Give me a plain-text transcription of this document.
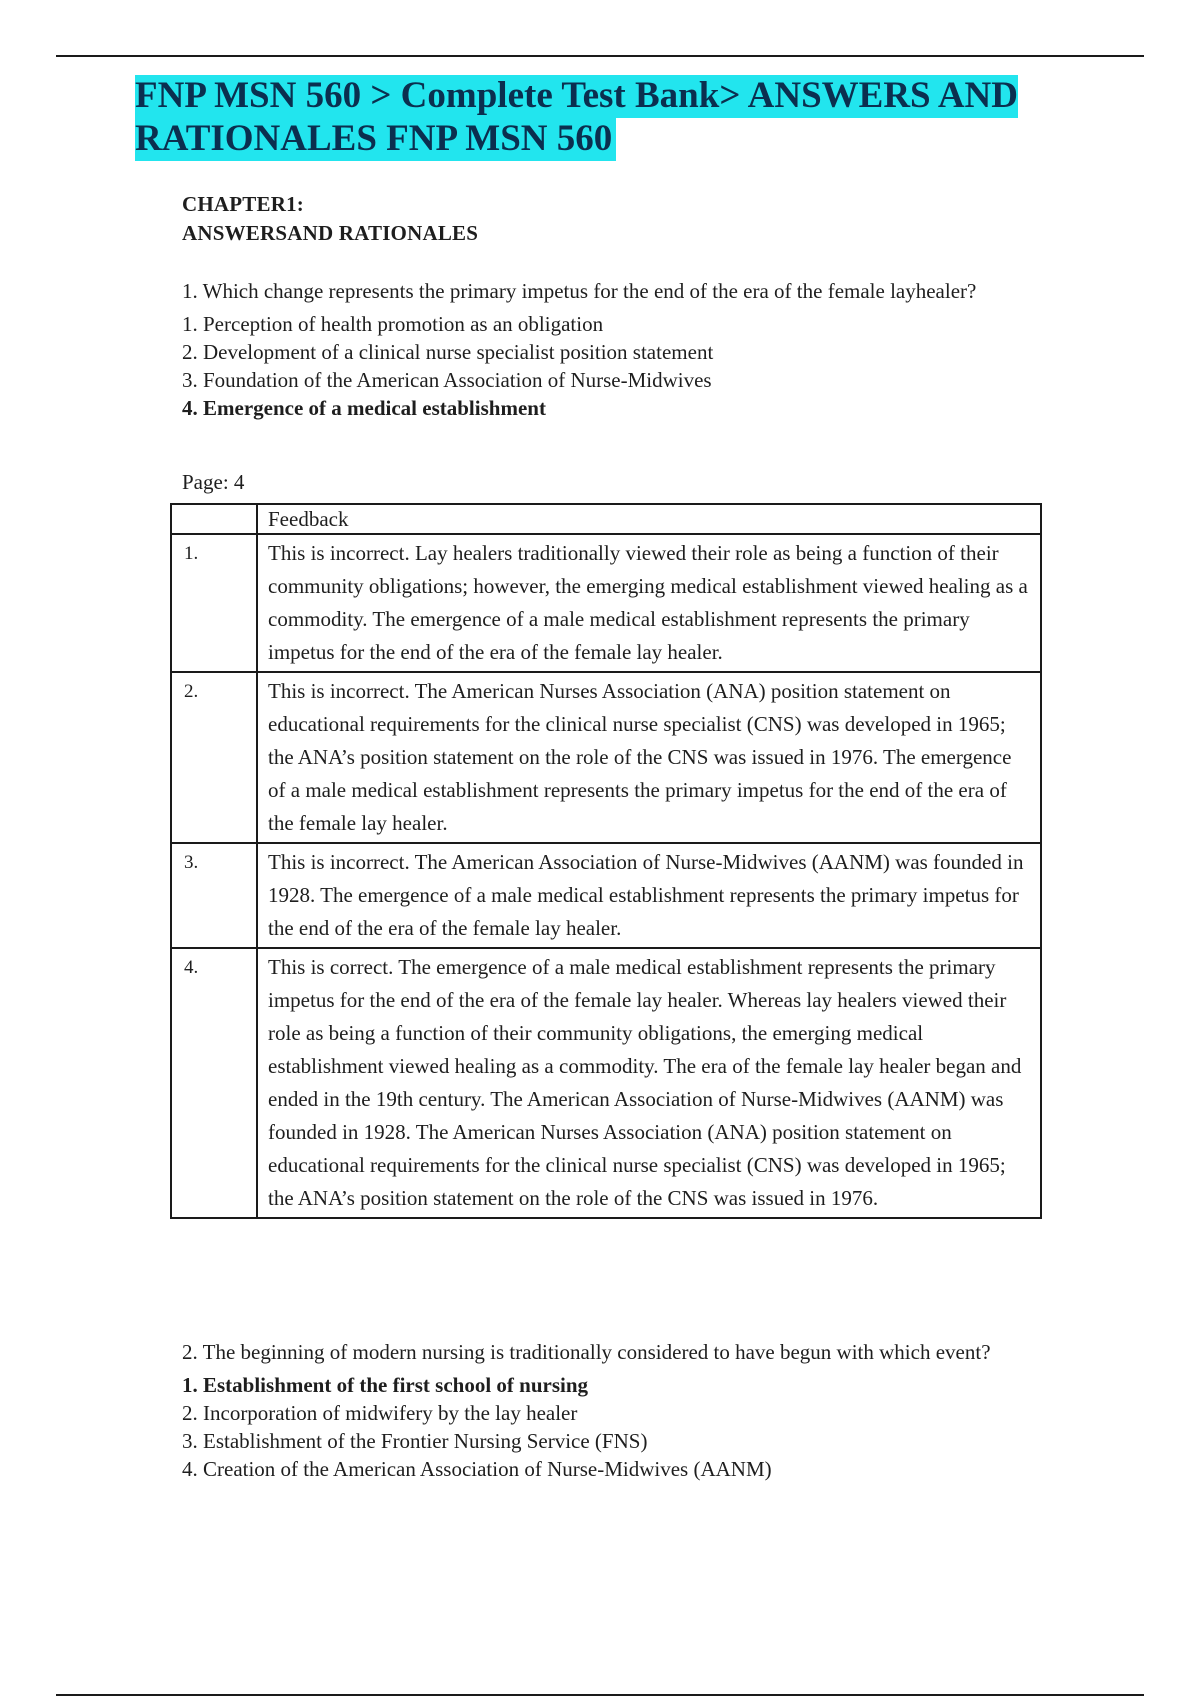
FNP MSN 560 > Complete Test Bank> ANSWERS AND RATIONALES FNP MSN 560
CHAPTER1:
ANSWERSAND RATIONALES
1. Which change represents the primary impetus for the end of the era of the female layhealer?
1. Perception of health promotion as an obligation
2. Development of a clinical nurse specialist position statement
3. Foundation of the American Association of Nurse-Midwives
4. Emergence of a medical establishment
Page: 4
	Feedback
1.	This is incorrect. Lay healers traditionally viewed their role as being a function of their community obligations; however, the emerging medical establishment viewed healing as a commodity. The emergence of a male medical establishment represents the primary impetus for the end of the era of the female lay healer.
2.	This is incorrect. The American Nurses Association (ANA) position statement on educational requirements for the clinical nurse specialist (CNS) was developed in 1965; the ANA’s position statement on the role of the CNS was issued in 1976. The emergence of a male medical establishment represents the primary impetus for the end of the era of the female lay healer.
3.	This is incorrect. The American Association of Nurse-Midwives (AANM) was founded in 1928. The emergence of a male medical establishment represents the primary impetus for the end of the era of the female lay healer.
4.	This is correct. The emergence of a male medical establishment represents the primary impetus for the end of the era of the female lay healer. Whereas lay healers viewed their role as being a function of their community obligations, the emerging medical establishment viewed healing as a commodity. The era of the female lay healer began and ended in the 19th century. The American Association of Nurse-Midwives (AANM) was founded in 1928. The American Nurses Association (ANA) position statement on educational requirements for the clinical nurse specialist (CNS) was developed in 1965; the ANA’s position statement on the role of the CNS was issued in 1976.
2. The beginning of modern nursing is traditionally considered to have begun with which event?
1. Establishment of the first school of nursing
2. Incorporation of midwifery by the lay healer
3. Establishment of the Frontier Nursing Service (FNS)
4. Creation of the American Association of Nurse-Midwives (AANM)
